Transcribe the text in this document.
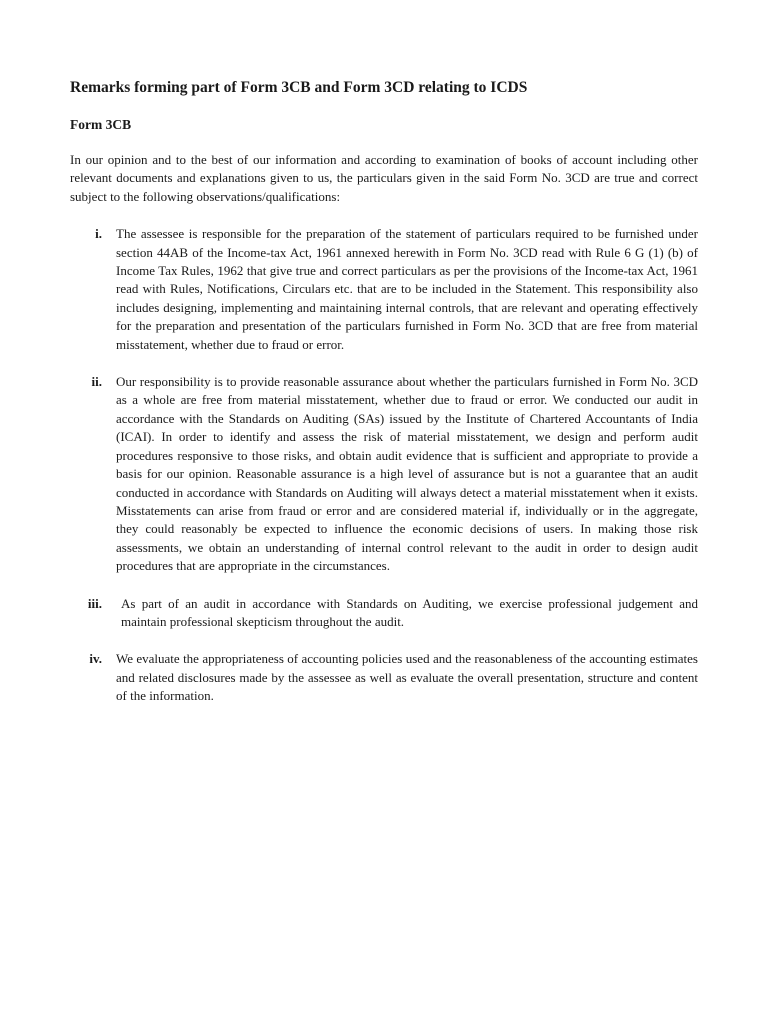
Remarks forming part of Form 3CB and Form 3CD relating to ICDS
Form 3CB

In our opinion and to the best of our information and according to examination of books of account including other relevant documents and explanations given to us, the particulars given in the said Form No. 3CD are true and correct subject to the following observations/qualifications:

i. The assessee is responsible for the preparation of the statement of particulars required to be furnished under section 44AB of the Income-tax Act, 1961 annexed herewith in Form No. 3CD read with Rule 6 G (1) (b) of Income Tax Rules, 1962 that give true and correct particulars as per the provisions of the Income-tax Act, 1961 read with Rules, Notifications, Circulars etc. that are to be included in the Statement. This responsibility also includes designing, implementing and maintaining internal controls, that are relevant and operating effectively for the preparation and presentation of the particulars furnished in Form No. 3CD that are free from material misstatement, whether due to fraud or error.
ii. Our responsibility is to provide reasonable assurance about whether the particulars furnished in Form No. 3CD as a whole are free from material misstatement, whether due to fraud or error. We conducted our audit in accordance with the Standards on Auditing (SAs) issued by the Institute of Chartered Accountants of India (ICAI). In order to identify and assess the risk of material misstatement, we design and perform audit procedures responsive to those risks, and obtain audit evidence that is sufficient and appropriate to provide a basis for our opinion. Reasonable assurance is a high level of assurance but is not a guarantee that an audit conducted in accordance with Standards on Auditing will always detect a material misstatement when it exists. Misstatements can arise from fraud or error and are considered material if, individually or in the aggregate, they could reasonably be expected to influence the economic decisions of users. In making those risk assessments, we obtain an understanding of internal control relevant to the audit in order to design audit procedures that are appropriate in the circumstances.
iii.	As part of an audit in accordance with Standards on Auditing, we exercise professional judgement and maintain professional skepticism throughout the audit.
iv. We evaluate the appropriateness of accounting policies used and the reasonableness of the accounting estimates and related disclosures made by the assessee as well as evaluate the overall presentation, structure and content of the information.
